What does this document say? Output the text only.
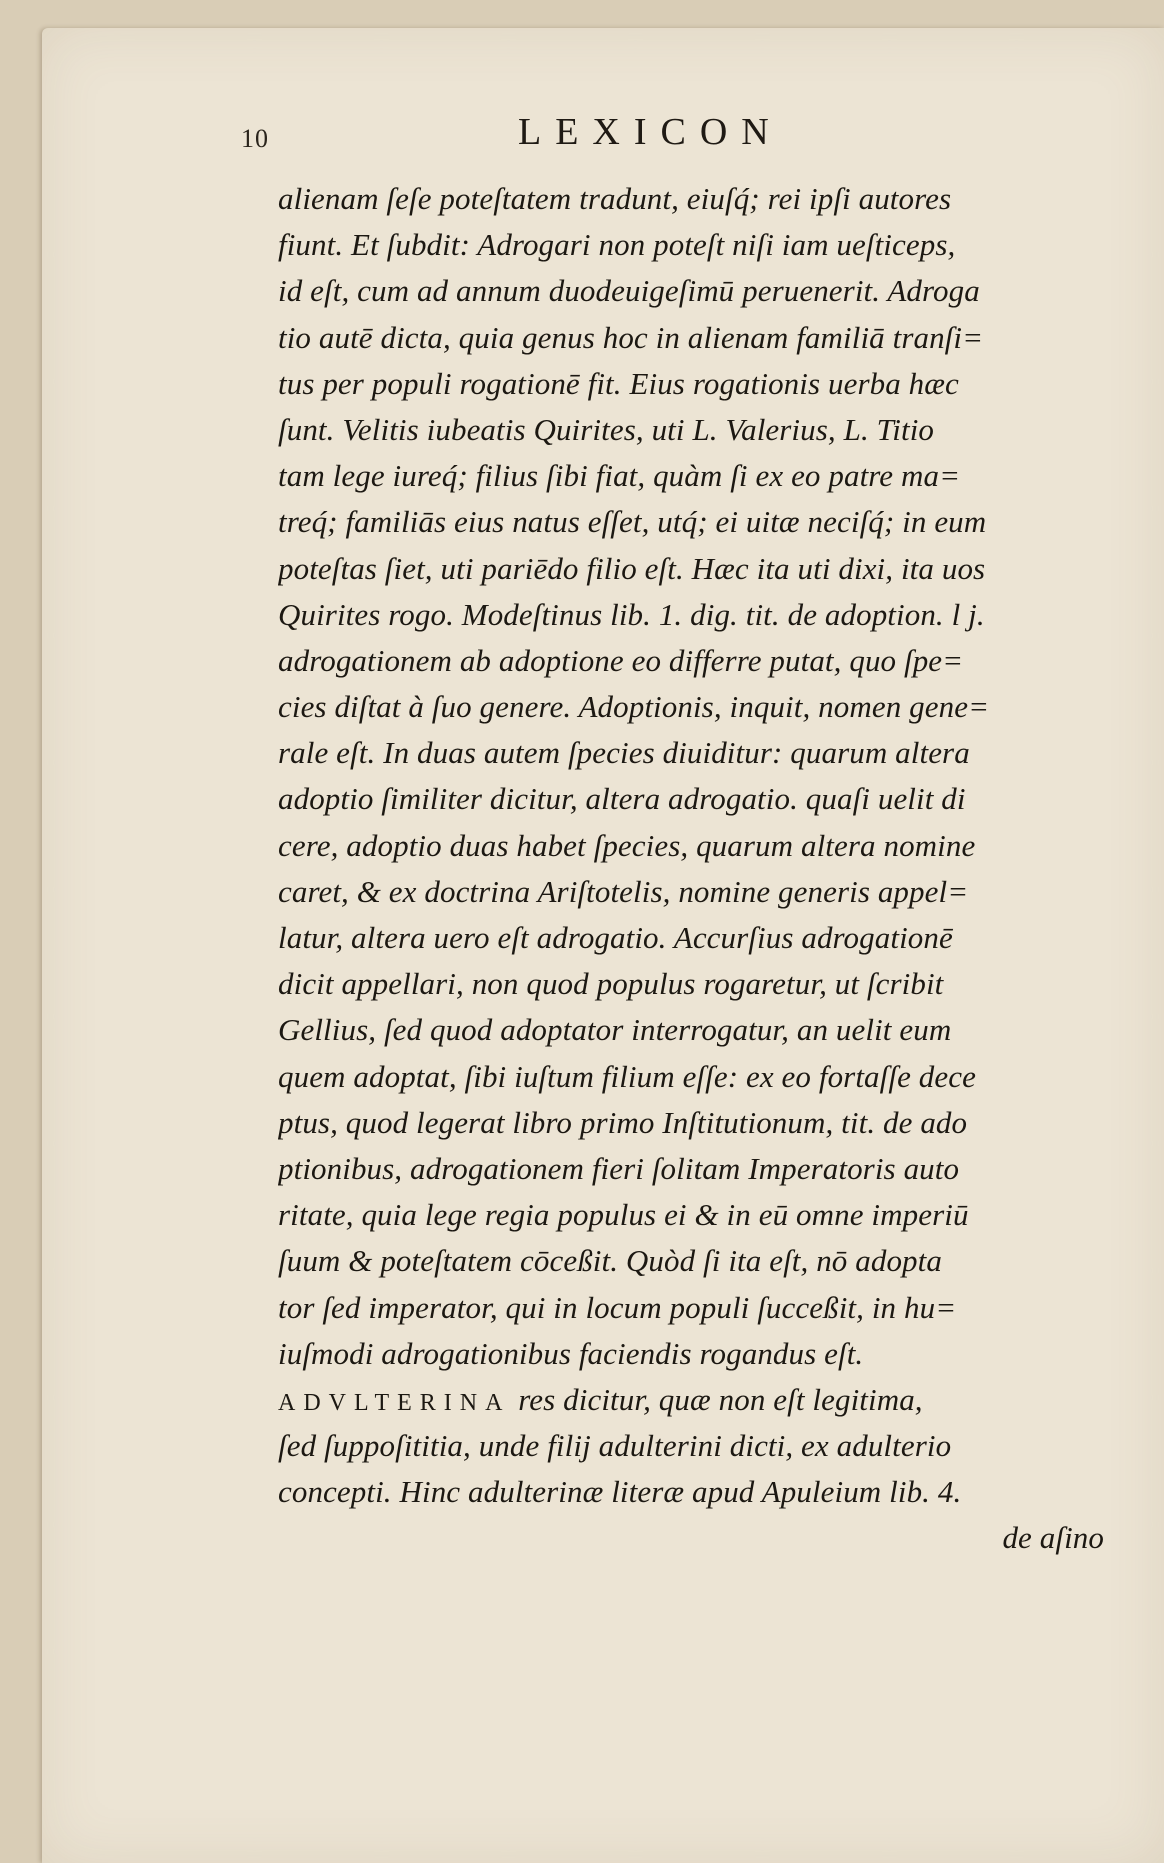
10	LEXICON
alienam ſeſe poteſtatem tradunt, eiuſq́; rei ipſi autores
fiunt. Et ſubdit: Adrogari non poteſt niſi iam ueſticeps,
id eſt, cum ad annum duodeuigeſimū peruenerit. Adroga
tio autē dicta, quia genus hoc in alienam familiā tranſi=
tus per populi rogationē fit. Eius rogationis uerba hæc
ſunt. Velitis iubeatis Quirites, uti L. Valerius, L. Titio
tam lege iureq́; filius ſibi fiat, quàm ſi ex eo patre ma=
treq́; familiās eius natus eſſet, utq́; ei uitæ neciſq́; in eum
poteſtas ſiet, uti pariēdo filio eſt. Hæc ita uti dixi, ita uos
Quirites rogo. Modeſtinus lib. 1. dig. tit. de adoption. l j.
adrogationem ab adoptione eo differre putat, quo ſpe=
cies diſtat à ſuo genere. Adoptionis, inquit, nomen gene=
rale eſt. In duas autem ſpecies diuiditur: quarum altera
adoptio ſimiliter dicitur, altera adrogatio. quaſi uelit di
cere, adoptio duas habet ſpecies, quarum altera nomine
caret, & ex doctrina Ariſtotelis, nomine generis appel=
latur, altera uero eſt adrogatio. Accurſius adrogationē
dicit appellari, non quod populus rogaretur, ut ſcribit
Gellius, ſed quod adoptator interrogatur, an uelit eum
quem adoptat, ſibi iuſtum filium eſſe: ex eo fortaſſe dece
ptus, quod legerat libro primo Inſtitutionum, tit. de ado
ptionibus, adrogationem fieri ſolitam Imperatoris auto
ritate, quia lege regia populus ei & in eū omne imperiū
ſuum & poteſtatem cōceßit. Quòd ſi ita eſt, nō adopta
tor ſed imperator, qui in locum populi ſucceßit, in hu=
iuſmodi adrogationibus faciendis rogandus eſt.
ADVLTERINA res dicitur, quæ non eſt legitima,
ſed ſuppoſititia, unde filij adulterini dicti, ex adulterio
concepti. Hinc adulterinæ literæ apud Apuleium lib. 4.
de aſino
